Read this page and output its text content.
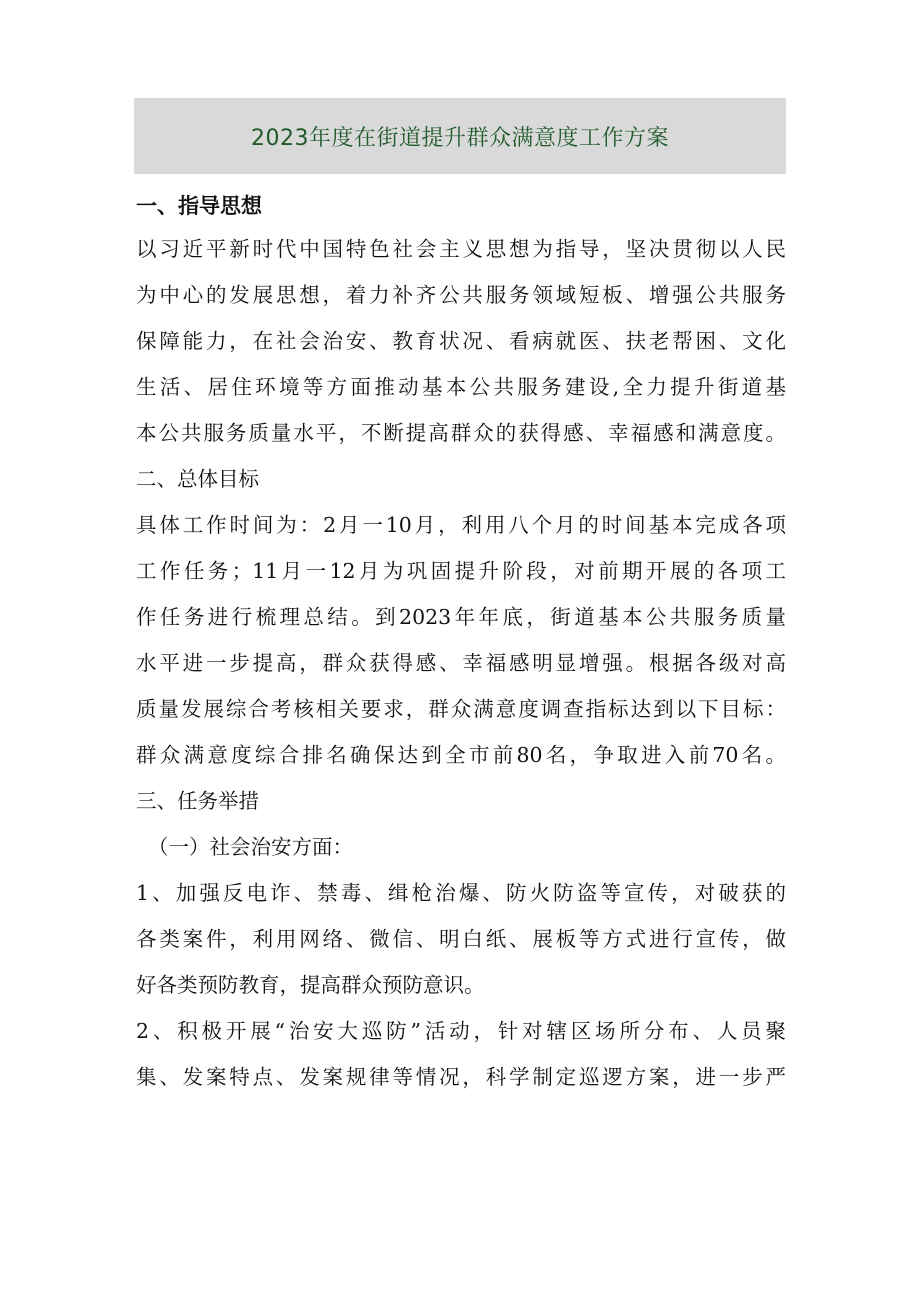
2023年度在街道提升群众满意度工作方案
一、指导思想
以习近平新时代中国特色社会主义思想为指导，坚决贯彻以人民
为中心的发展思想，着力补齐公共服务领域短板、增强公共服务
保障能力，在社会治安、教育状况、看病就医、扶老帮困、文化
生活、居住环境等方面推动基本公共服务建设,全力提升街道基
本公共服务质量水平，不断提高群众的获得感、幸福感和满意度。
二、总体目标
具体工作时间为：2月一10月，利用八个月的时间基本完成各项
工作任务；11月一12月为巩固提升阶段，对前期开展的各项工
作任务进行梳理总结。到2023年年底，街道基本公共服务质量
水平进一步提高，群众获得感、幸福感明显增强。根据各级对高
质量发展综合考核相关要求，群众满意度调查指标达到以下目标：
群众满意度综合排名确保达到全市前80名，争取进入前70名。
三、任务举措
（一）社会治安方面：
1、加强反电诈、禁毒、缉枪治爆、防火防盗等宣传，对破获的
各类案件，利用网络、微信、明白纸、展板等方式进行宣传，做
好各类预防教育，提高群众预防意识。
2、积极开展“治安大巡防”活动，针对辖区场所分布、人员聚
集、发案特点、发案规律等情况，科学制定巡逻方案，进一步严
